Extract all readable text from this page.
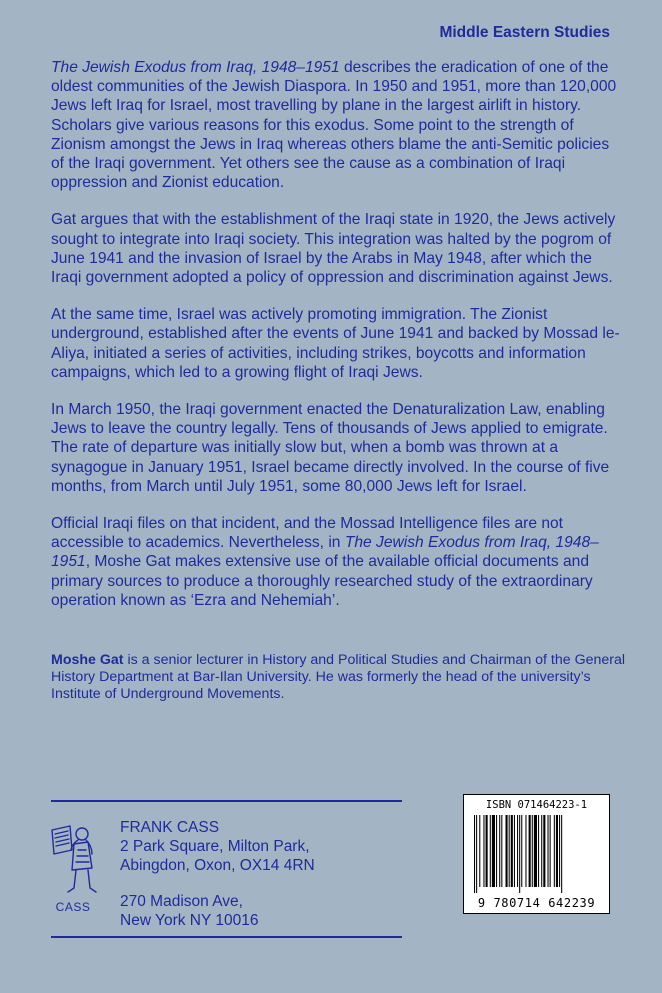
Middle Eastern Studies

The Jewish Exodus from Iraq, 1948–1951 describes the eradication of one of the oldest communities of the Jewish Diaspora. In 1950 and 1951, more than 120,000 Jews left Iraq for Israel, most travelling by plane in the largest airlift in history. Scholars give various reasons for this exodus. Some point to the strength of Zionism amongst the Jews in Iraq whereas others blame the anti-Semitic policies of the Iraqi government. Yet others see the cause as a combination of Iraqi oppression and Zionist education.

Gat argues that with the establishment of the Iraqi state in 1920, the Jews actively sought to integrate into Iraqi society. This integration was halted by the pogrom of June 1941 and the invasion of Israel by the Arabs in May 1948, after which the Iraqi government adopted a policy of oppression and discrimination against Jews.

At the same time, Israel was actively promoting immigration. The Zionist underground, established after the events of June 1941 and backed by Mossad le-Aliya, initiated a series of activities, including strikes, boycotts and information campaigns, which led to a growing flight of Iraqi Jews.

In March 1950, the Iraqi government enacted the Denaturalization Law, enabling Jews to leave the country legally. Tens of thousands of Jews applied to emigrate. The rate of departure was initially slow but, when a bomb was thrown at a synagogue in January 1951, Israel became directly involved. In the course of five months, from March until July 1951, some 80,000 Jews left for Israel.

Official Iraqi files on that incident, and the Mossad Intelligence files are not accessible to academics. Nevertheless, in The Jewish Exodus from Iraq, 1948–1951, Moshe Gat makes extensive use of the available official documents and primary sources to produce a thoroughly researched study of the extraordinary operation known as ‘Ezra and Nehemiah’.

Moshe Gat is a senior lecturer in History and Political Studies and Chairman of the General History Department at Bar-Ilan University. He was formerly the head of the university’s Institute of Underground Movements.

CASS
FRANK CASS
2 Park Square, Milton Park,
Abingdon, Oxon, OX14 4RN
270 Madison Ave,
New York NY 10016
ISBN 071464223-1
9 780714 642239
